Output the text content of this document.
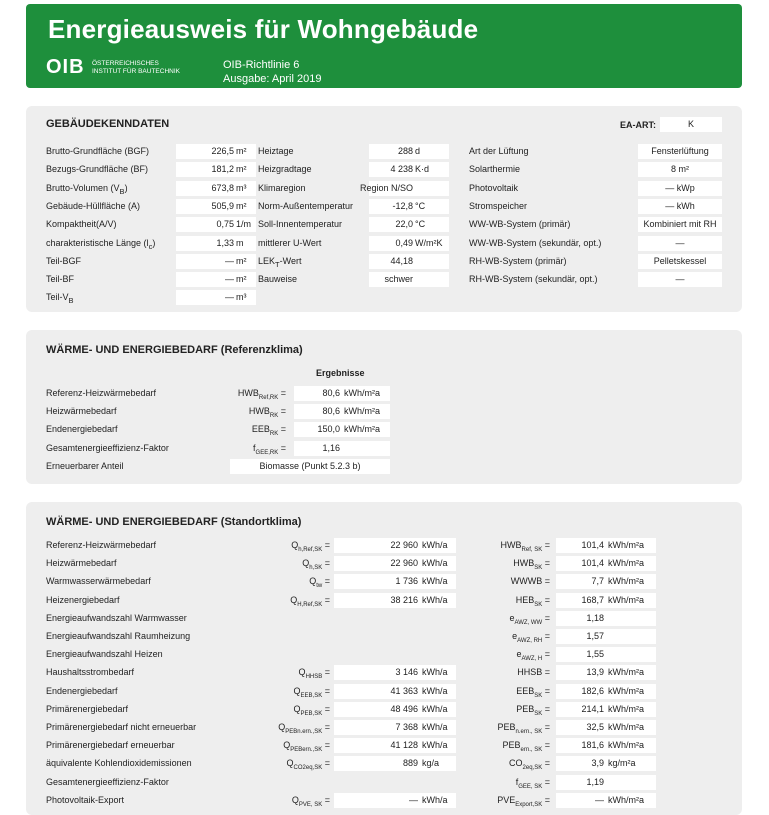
Energieausweis für Wohngebäude
OIB ÖSTERREICHISCHES
INSTITUT FÜR BAUTECHNIK
OIB-Richtlinie 6
Ausgabe: April 2019
GEBÄUDEKENNDATEN	EA-ART:	K
Brutto-Grundfläche (BGF)	226,5 m²
Bezugs-Grundfläche (BF)	181,2 m²
Brutto-Volumen $(V_B)$	673,8 m³
Gebäude-Hüllfläche (A)	505,9 m²
Kompaktheit(A/V)	0,75 1/m
charakteristische Länge $(l_c)$	1,33 m
Teil-BGF	— m²
Teil-BF	— m²
Teil-$V_B$	— m³
Heiztage	288 d
Heizgradtage	4 238 K·d
Klimaregion	Region N/SO
Norm-Außentemperatur	-12,8 °C
Soll-Innentemperatur	22,0 °C
mittlerer U-Wert	0,49 W/m²K
$LEK_T$-Wert	44,18
Bauweise	schwer
Art der Lüftung	Fensterlüftung
Solarthermie	8 m²
Photovoltaik	— kWp
Stromspeicher	— kWh
WW-WB-System (primär)	Kombiniert mit RH
WW-WB-System (sekundär, opt.)	—
RH-WB-System (primär)	Pelletskessel
RH-WB-System (sekundär, opt.)	—
WÄRME- UND ENERGIEBEDARF (Referenzklima)
Ergebnisse
Referenz-Heizwärmebedarf	$HWB_{Ref,RK}$ =	80,6 kWh/m²a
Heizwärmebedarf	$HWB_{RK}$ =	80,6 kWh/m²a
Endenergiebedarf	$EEB_{RK}$ =	150,0 kWh/m²a
Gesamtenergieeffizienz-Faktor	$f_{GEE,RK}$ =	1,16
Erneuerbarer Anteil	Biomasse (Punkt 5.2.3 b)
WÄRME- UND ENERGIEBEDARF (Standortklima)
Referenz-Heizwärmebedarf	$Q_{h,Ref,SK}$ =	22 960 kWh/a	$HWB_{Ref, SK}$ =	101,4 kWh/m²a
Heizwärmebedarf	$Q_{h,SK}$ =	22 960 kWh/a	$HWB_{SK}$ =	101,4 kWh/m²a
Warmwasserwärmebedarf	$Q_{tw}$ =	1 736 kWh/a	WWWB =	7,7 kWh/m²a
Heizenergiebedarf	$Q_{H,Ref,SK}$ =	38 216 kWh/a	$HEB_{SK}$ =	168,7 kWh/m²a
Energieaufwandszahl Warmwasser	$e_{AWZ, WW}$ =	1,18
Energieaufwandszahl Raumheizung	$e_{AWZ, RH}$ =	1,57
Energieaufwandszahl Heizen	$e_{AWZ, H}$ =	1,55
Haushaltsstrombedarf	$Q_{HHSB}$ =	3 146 kWh/a	HHSB =	13,9 kWh/m²a
Endenergiebedarf	$Q_{EEB,SK}$ =	41 363 kWh/a	$EEB_{SK}$ =	182,6 kWh/m²a
Primärenergiebedarf	$Q_{PEB,SK}$ =	48 496 kWh/a	$PEB_{SK}$ =	214,1 kWh/m²a
Primärenergiebedarf nicht erneuerbar	$Q_{PEBn.ern.,SK}$ =	7 368 kWh/a	$PEB_{n.ern., SK}$ =	32,5 kWh/m²a
Primärenergiebedarf erneuerbar	$Q_{PEBern.,SK}$ =	41 128 kWh/a	$PEB_{ern., SK}$ =	181,6 kWh/m²a
äquivalente Kohlendioxidemissionen	$Q_{CO2eq,SK}$ =	889 kg/a	$CO_{2eq,SK}$ =	3,9 kg/m²a
Gesamtenergieeffizienz-Faktor	$f_{GEE, SK}$ =	1,19
Photovoltaik-Export	$Q_{PVE, SK}$ =	— kWh/a	$PVE_{Export,SK}$ =	— kWh/m²a
